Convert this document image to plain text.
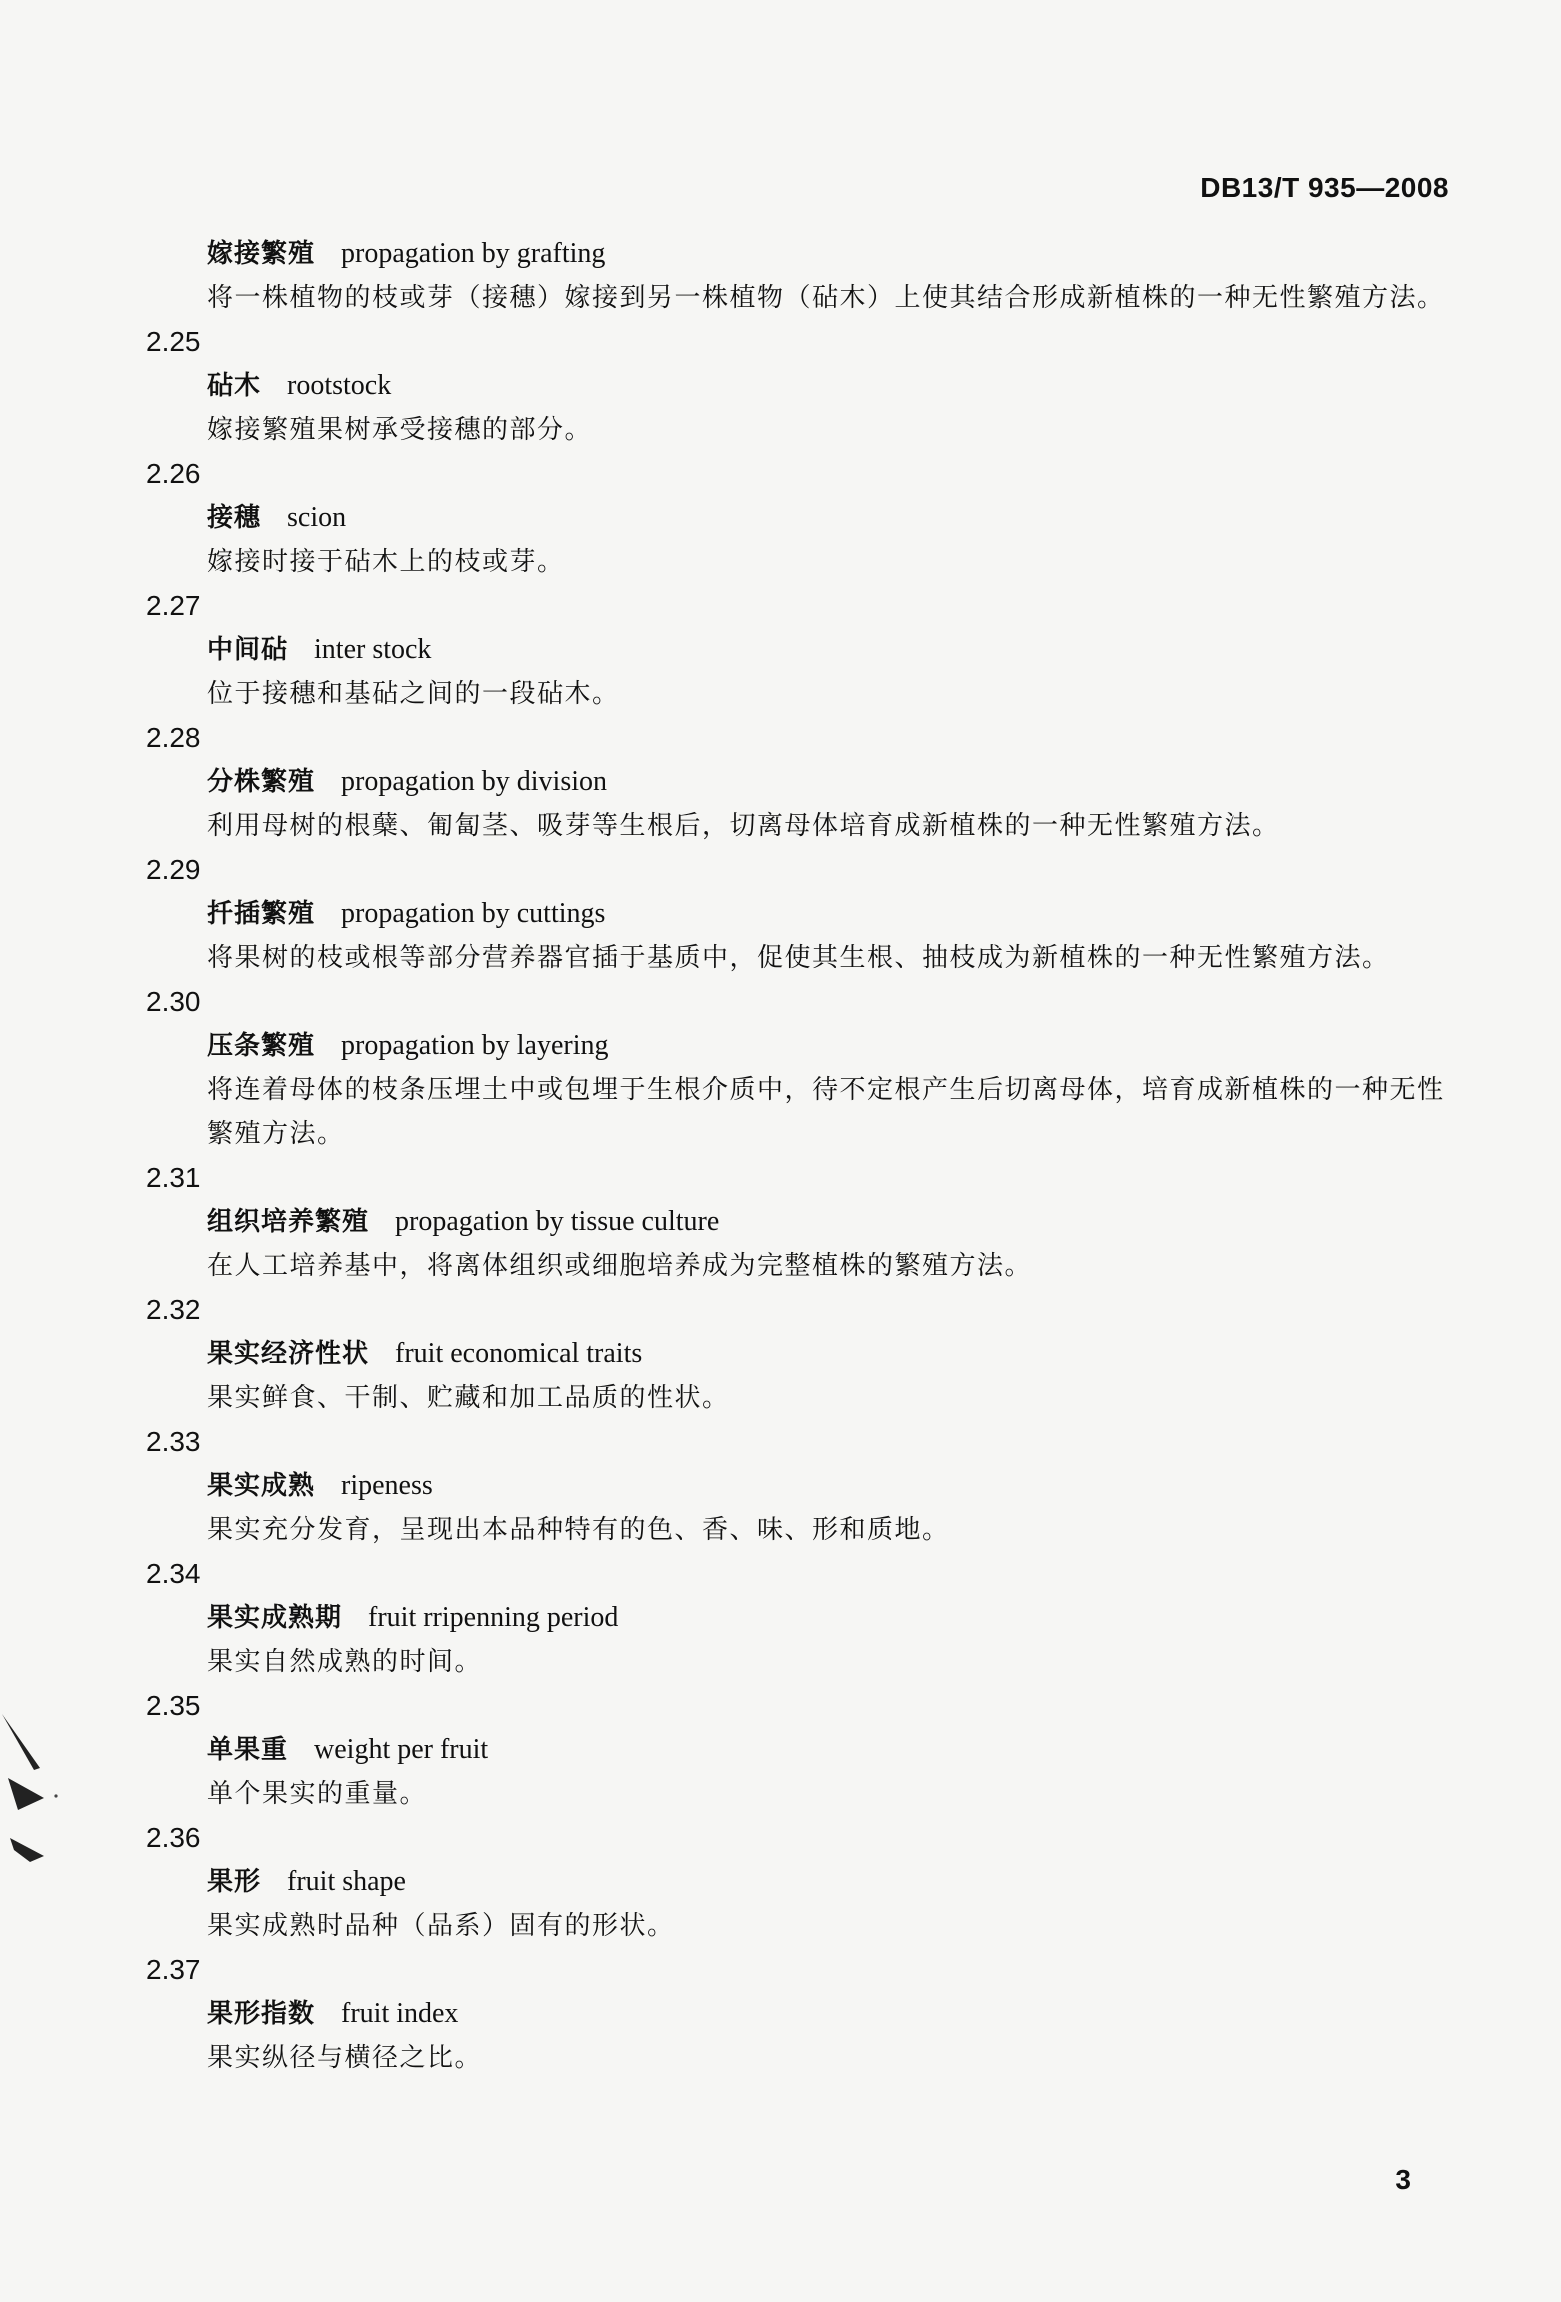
DB13/T 935—2008
嫁接繁殖 propagation by grafting
将一株植物的枝或芽（接穗）嫁接到另一株植物（砧木）上使其结合形成新植株的一种无性繁殖方法。
2.25
砧木 rootstock
嫁接繁殖果树承受接穗的部分。
2.26
接穗 scion
嫁接时接于砧木上的枝或芽。
2.27
中间砧 inter stock
位于接穗和基砧之间的一段砧木。
2.28
分株繁殖 propagation by division
利用母树的根蘖、匍匐茎、吸芽等生根后，切离母体培育成新植株的一种无性繁殖方法。
2.29
扦插繁殖 propagation by cuttings
将果树的枝或根等部分营养器官插于基质中，促使其生根、抽枝成为新植株的一种无性繁殖方法。
2.30
压条繁殖 propagation by layering
将连着母体的枝条压埋土中或包埋于生根介质中，待不定根产生后切离母体，培育成新植株的一种无性繁殖方法。
2.31
组织培养繁殖 propagation by tissue culture
在人工培养基中，将离体组织或细胞培养成为完整植株的繁殖方法。
2.32
果实经济性状 fruit economical traits
果实鲜食、干制、贮藏和加工品质的性状。
2.33
果实成熟 ripeness
果实充分发育，呈现出本品种特有的色、香、味、形和质地。
2.34
果实成熟期 fruit rripenning period
果实自然成熟的时间。
2.35
单果重 weight per fruit
单个果实的重量。
2.36
果形 fruit shape
果实成熟时品种（品系）固有的形状。
2.37
果形指数 fruit index
果实纵径与横径之比。
3
